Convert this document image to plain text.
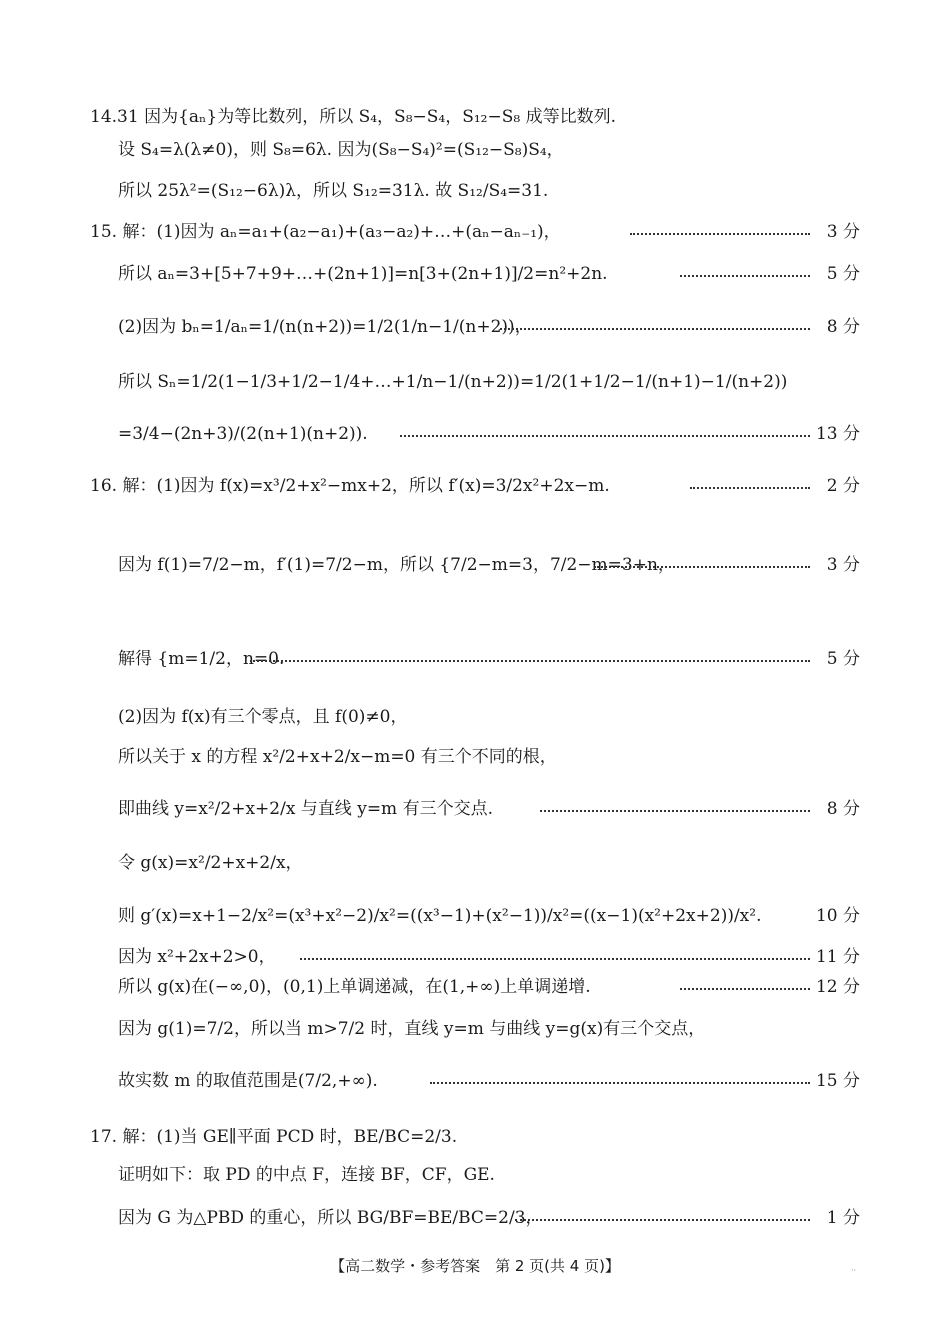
14.31 因为{aₙ}为等比数列，所以 S₄，S₈−S₄，S₁₂−S₈ 成等比数列.
设 S₄=λ(λ≠0)，则 S₈=6λ. 因为(S₈−S₄)²=(S₁₂−S₈)S₄，
所以 25λ²=(S₁₂−6λ)λ，所以 S₁₂=31λ. 故 S₁₂/S₄=31.
15. 解：(1)因为 aₙ=a₁+(a₂−a₁)+(a₃−a₂)+…+(aₙ−aₙ₋₁)，	3 分
所以 aₙ=3+[5+7+9+…+(2n+1)]=n[3+(2n+1)]/2=n²+2n.	5 分
(2)因为 bₙ=1/aₙ=1/(n(n+2))=1/2(1/n−1/(n+2))，	8 分
所以 Sₙ=1/2(1−1/3+1/2−1/4+…+1/n−1/(n+2))=1/2(1+1/2−1/(n+1)−1/(n+2))
=3/4−(2n+3)/(2(n+1)(n+2)).	13 分
16. 解：(1)因为 f(x)=x³/2+x²−mx+2，所以 f′(x)=3/2x²+2x−m.	2 分
因为 f(1)=7/2−m，f′(1)=7/2−m，所以 {7/2−m=3，7/2−m=3+n，	3 分
解得 {m=1/2，n=0.	5 分
(2)因为 f(x)有三个零点，且 f(0)≠0，
所以关于 x 的方程 x²/2+x+2/x−m=0 有三个不同的根，
即曲线 y=x²/2+x+2/x 与直线 y=m 有三个交点.	8 分
令 g(x)=x²/2+x+2/x，
则 g′(x)=x+1−2/x²=(x³+x²−2)/x²=((x³−1)+(x²−1))/x²=((x−1)(x²+2x+2))/x².	10 分
因为 x²+2x+2>0，	11 分
所以 g(x)在(−∞,0)，(0,1)上单调递减，在(1,+∞)上单调递增.	12 分
因为 g(1)=7/2，所以当 m>7/2 时，直线 y=m 与曲线 y=g(x)有三个交点，
故实数 m 的取值范围是(7/2,+∞).	15 分
17. 解：(1)当 GE∥平面 PCD 时，BE/BC=2/3.
证明如下：取 PD 的中点 F，连接 BF，CF，GE.
因为 G 为△PBD 的重心，所以 BG/BF=BE/BC=2/3，	1 分
【高二数学・参考答案　第 2 页(共 4 页)】	··
